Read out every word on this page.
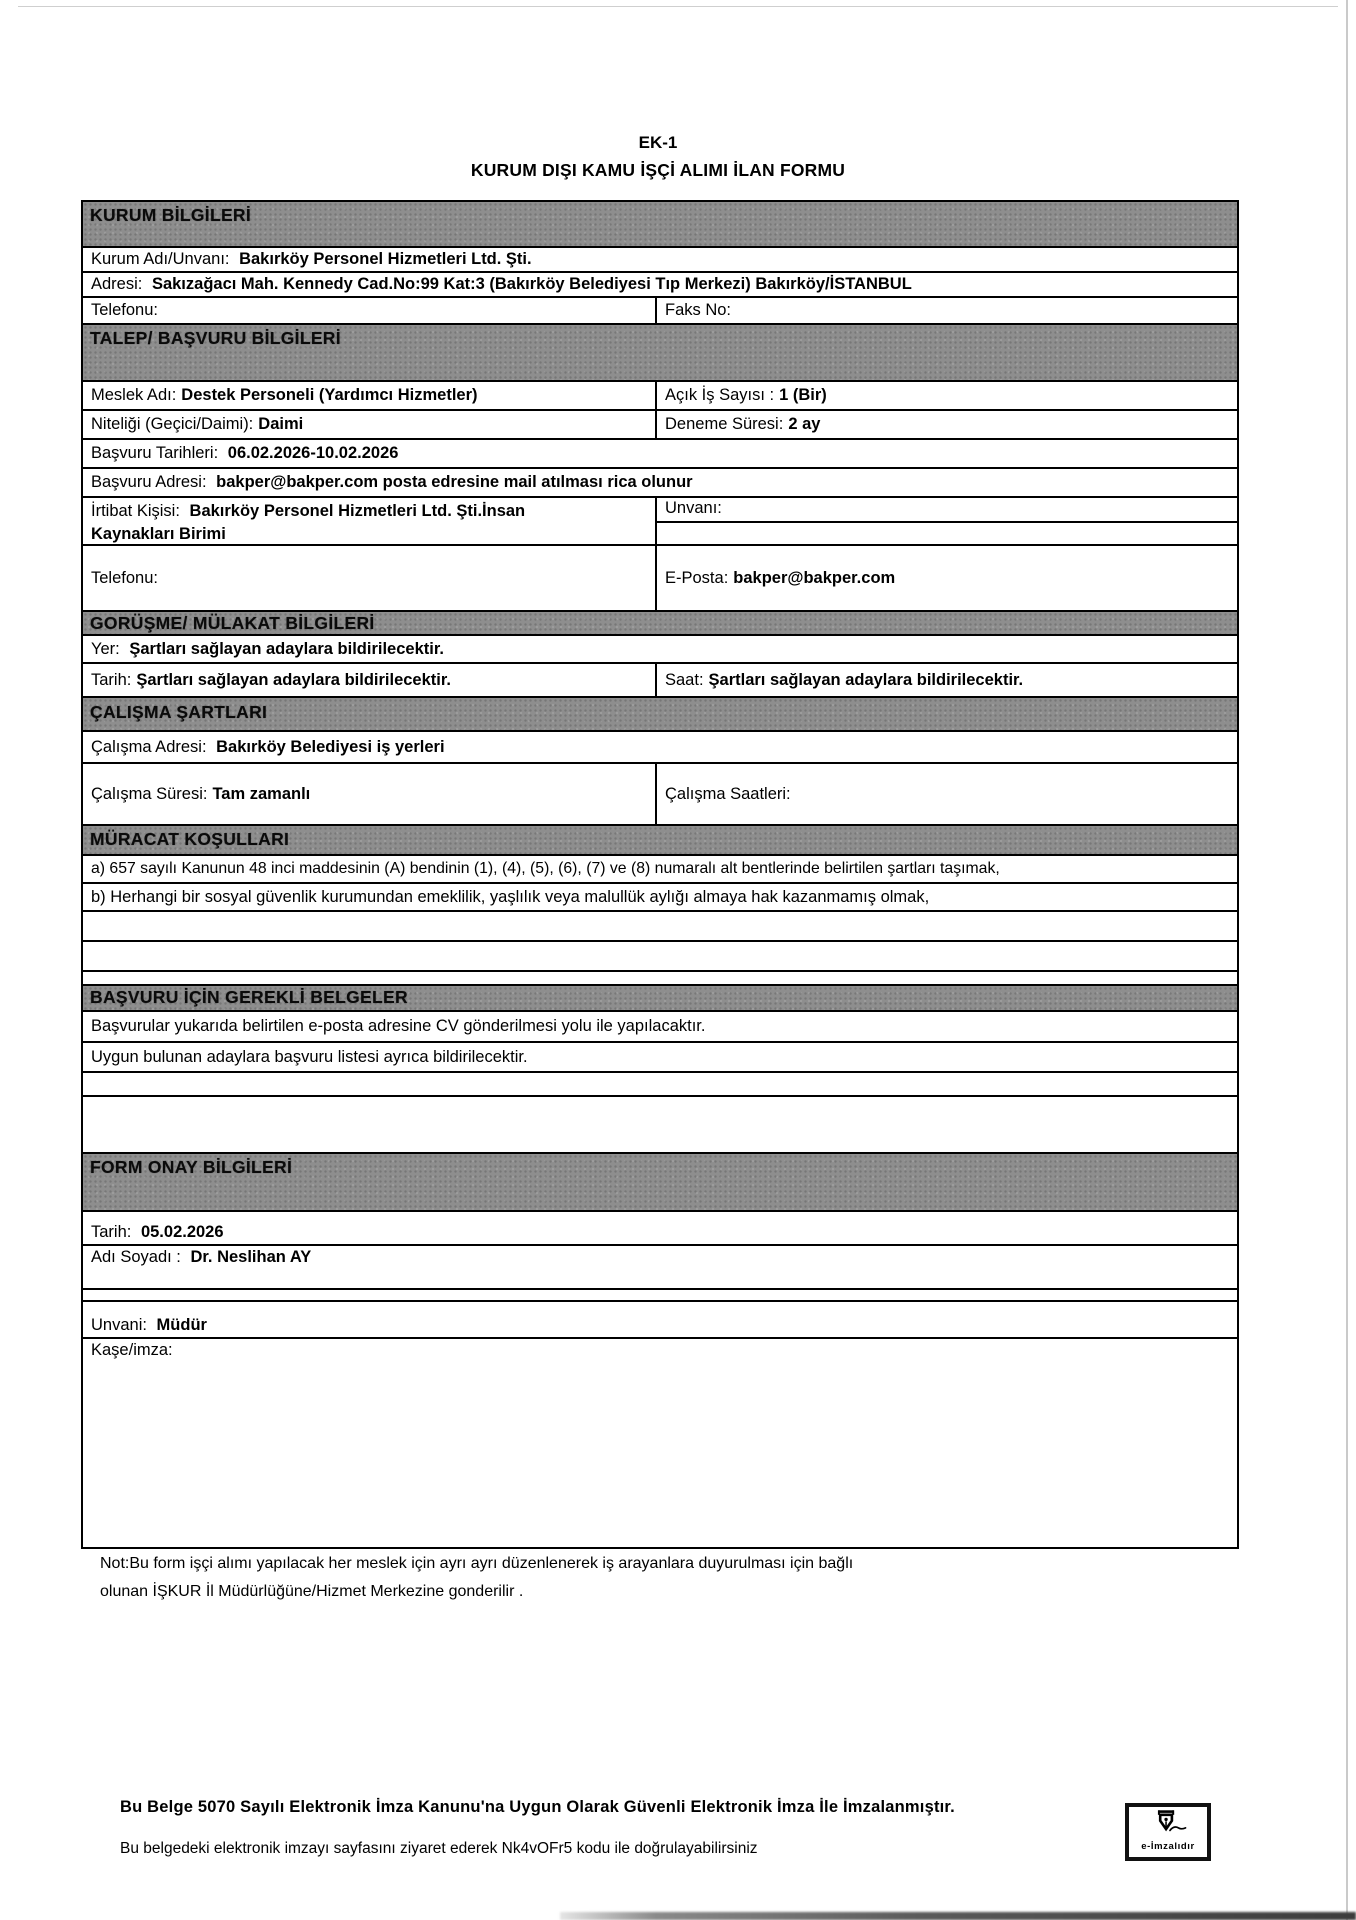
EK-1
KURUM DIŞI KAMU İŞÇİ ALIMI İLAN FORMU
KURUM BİLGİLERİ
Kurum Adı/Unvanı: Bakırköy Personel Hizmetleri Ltd. Şti.
Adresi: Sakızağacı Mah. Kennedy Cad.No:99 Kat:3 (Bakırköy Belediyesi Tıp Merkezi) Bakırköy/İSTANBUL
Telefonu:	Faks No:
TALEP/ BAŞVURU BİLGİLERİ
Meslek Adı: Destek Personeli (Yardımcı Hizmetler)	Açık İş Sayısı : 1 (Bir)
Niteliği (Geçici/Daimi): Daimi	Deneme Süresi: 2 ay
Başvuru Tarihleri: 06.02.2026-10.02.2026
Başvuru Adresi: bakper@bakper.com posta edresine mail atılması rica olunur

İrtibat Kişisi: Bakırköy Personel Hizmetleri Ltd. Şti.İnsan Kaynakları Birimi

Unvanı:
Telefonu:	E-Posta: bakper@bakper.com
GORÜŞME/ MÜLAKAT BİLGİLERİ
Yer: Şartları sağlayan adaylara bildirilecektir.
Tarih: Şartları sağlayan adaylara bildirilecektir.	Saat: Şartları sağlayan adaylara bildirilecektir.
ÇALIŞMA ŞARTLARI
Çalışma Adresi: Bakırköy Belediyesi iş yerleri
Çalışma Süresi: Tam zamanlı	Çalışma Saatleri:
MÜRACAT KOŞULLARI
a) 657 sayılı Kanunun 48 inci maddesinin (A) bendinin (1), (4), (5), (6), (7) ve (8) numaralı alt bentlerinde belirtilen şartları taşımak,
b) Herhangi bir sosyal güvenlik kurumundan emeklilik, yaşlılık veya malullük aylığı almaya hak kazanmamış olmak,
BAŞVURU İÇİN GEREKLİ BELGELER
Başvurular yukarıda belirtilen e-posta adresine CV gönderilmesi yolu ile yapılacaktır.
Uygun bulunan adaylara başvuru listesi ayrıca bildirilecektir.
FORM ONAY BİLGİLERİ
Tarih: 05.02.2026
Adı Soyadı : Dr. Neslihan AY
Unvani: Müdür
Kaşe/imza:
Not:Bu form işçi alımı yapılacak her meslek için ayrı ayrı düzenlenerek iş arayanlara duyurulması için bağlı
olunan İŞKUR İl Müdürlüğüne/Hizmet Merkezine gonderilir .
Bu Belge 5070 Sayılı Elektronik İmza Kanunu'na Uygun Olarak Güvenli Elektronik İmza İle İmzalanmıştır.
Bu belgedeki elektronik imzayı sayfasını ziyaret ederek Nk4vOFr5 kodu ile doğrulayabilirsiniz	e-İmzalıdır
